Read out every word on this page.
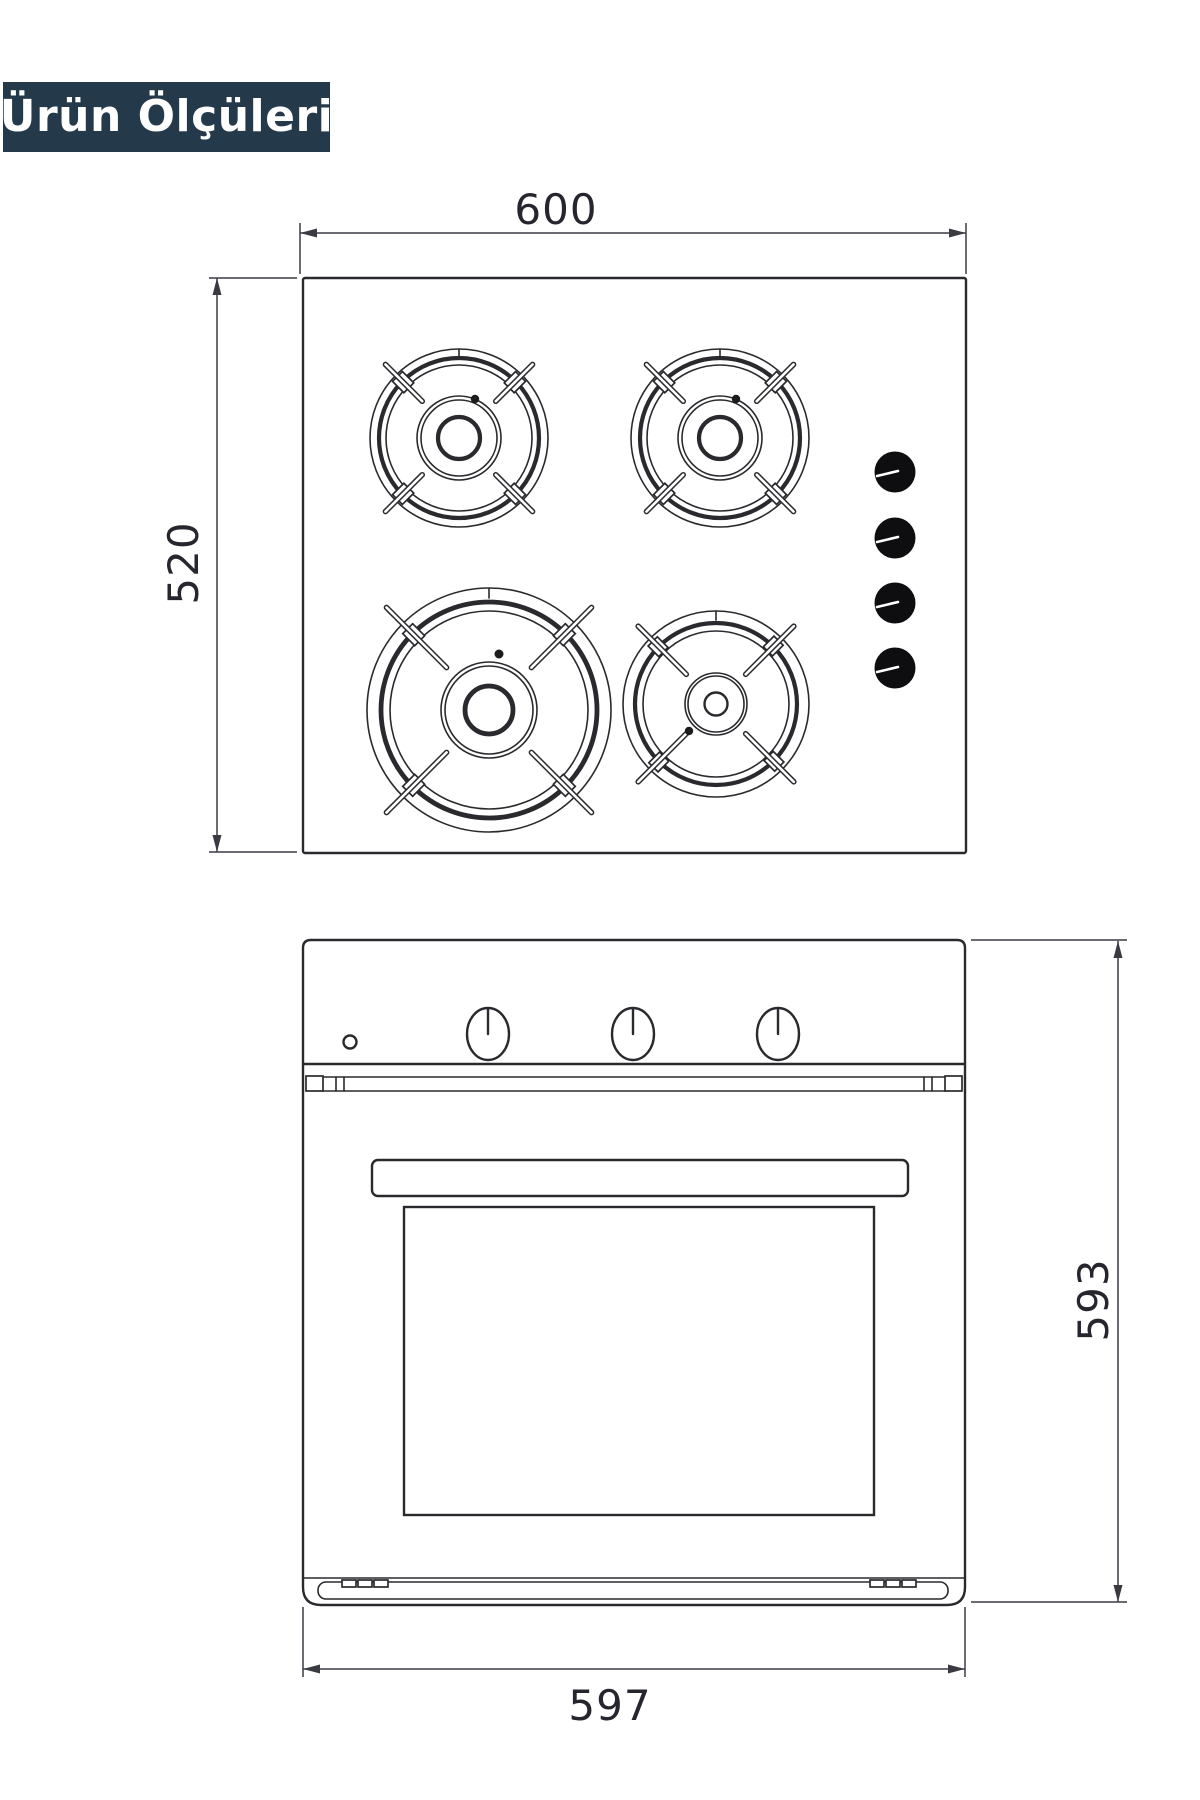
Ürün Ölçüleri
600
520
593
597
